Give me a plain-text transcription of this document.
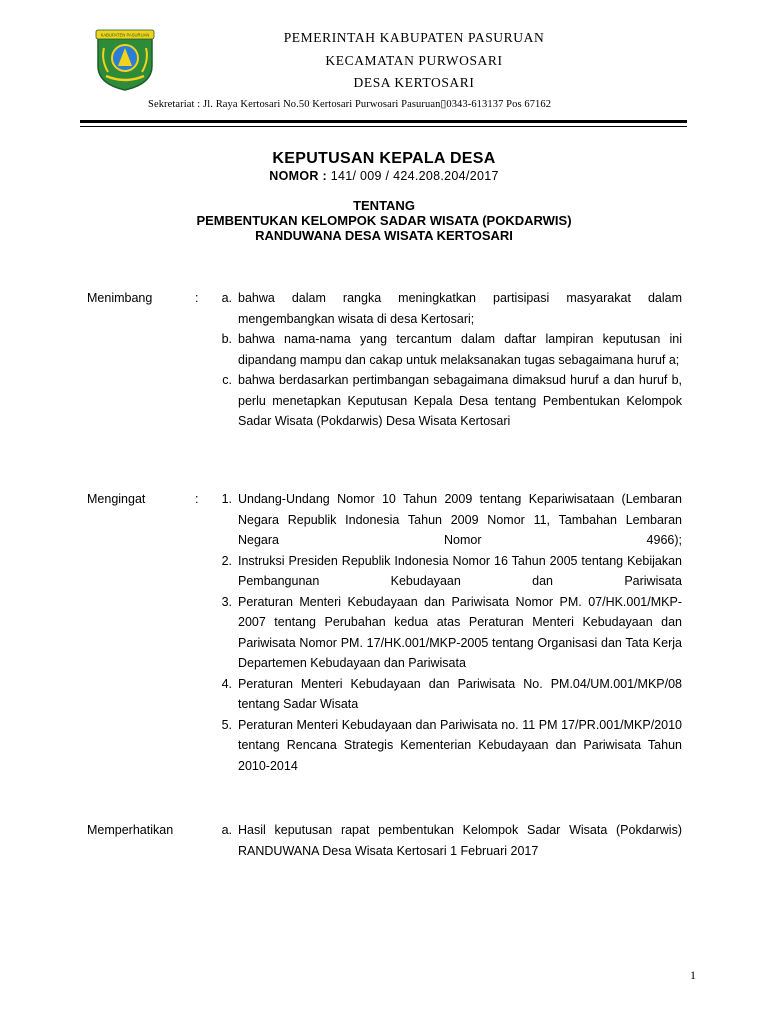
KABUPATEN PASURUAN	PEMERINTAH KABUPATEN PASURUAN
KECAMATAN PURWOSARI
DESA KERTOSARI
Sekretariat : Jl. Raya Kertosari No.50 Kertosari Purwosari Pasuruan▯0343-613137 Pos 67162
KEPUTUSAN KEPALA DESA
NOMOR : 141/ 009 / 424.208.204/2017
TENTANG
PEMBENTUKAN KELOMPOK SADAR WISATA (POKDARWIS)
RANDUWANA DESA WISATA KERTOSARI
Menimbang	:	a. bahwa dalam rangka meningkatkan partisipasi masyarakat dalam mengembangkan wisata di desa Kertosari;
b. bahwa nama-nama yang tercantum dalam daftar lampiran keputusan ini dipandang mampu dan cakap untuk melaksanakan tugas sebagaimana huruf a;
c. bahwa berdasarkan pertimbangan sebagaimana dimaksud huruf a dan huruf b, perlu menetapkan Keputusan Kepala Desa tentang Pembentukan Kelompok Sadar Wisata (Pokdarwis) Desa Wisata Kertosari
Mengingat	:	1. Undang-Undang Nomor 10 Tahun 2009 tentang Kepariwisataan (Lembaran Negara Republik Indonesia Tahun 2009 Nomor 11, Tambahan Lembaran Negara Nomor 4966);
2. Instruksi Presiden Republik Indonesia Nomor 16 Tahun 2005 tentang Kebijakan Pembangunan Kebudayaan dan Pariwisata
3. Peraturan Menteri Kebudayaan dan Pariwisata Nomor PM. 07/HK.001/MKP-2007 tentang Perubahan kedua atas Peraturan Menteri Kebudayaan dan Pariwisata Nomor PM. 17/HK.001/MKP-2005 tentang Organisasi dan Tata Kerja Departemen Kebudayaan dan Pariwisata
4. Peraturan Menteri Kebudayaan dan Pariwisata No. PM.04/UM.001/MKP/08 tentang Sadar Wisata
5. Peraturan Menteri Kebudayaan dan Pariwisata no. 11 PM 17/PR.001/MKP/2010 tentang Rencana Strategis Kementerian Kebudayaan dan Pariwisata Tahun 2010-2014
Memperhatikan	a. Hasil keputusan rapat pembentukan Kelompok Sadar Wisata (Pokdarwis) RANDUWANA Desa Wisata Kertosari 1 Februari 2017
1
